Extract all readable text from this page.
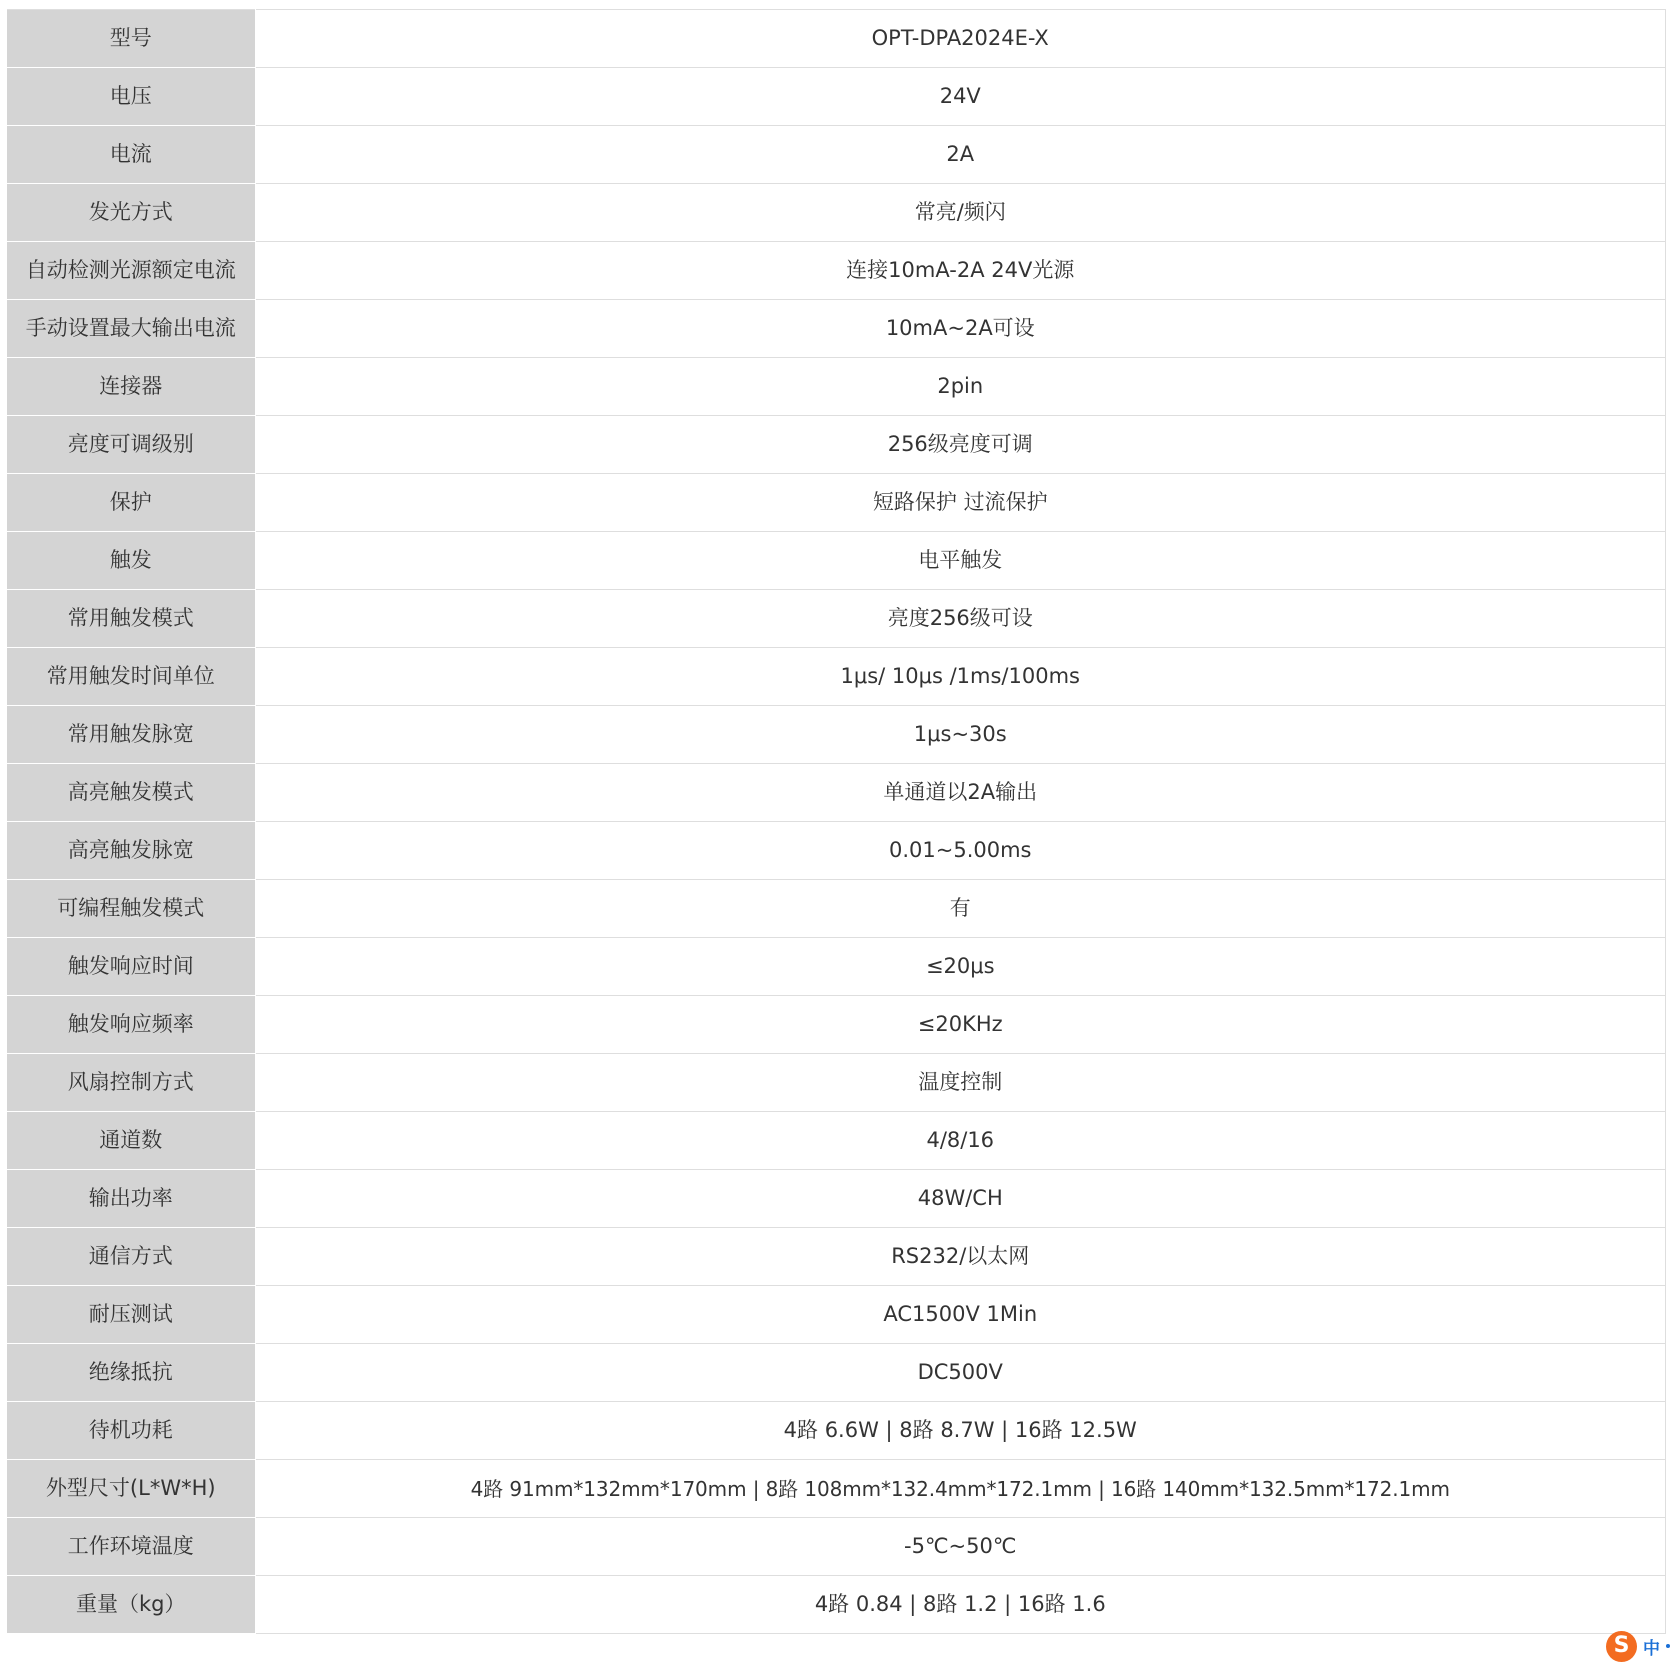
型号	OPT-DPA2024E-X
电压	24V
电流	2A
发光方式	常亮/频闪
自动检测光源额定电流	连接10mA-2A 24V光源
手动设置最大输出电流	10mA~2A可设
连接器	2pin
亮度可调级别	256级亮度可调
保护	短路保护 过流保护
触发	电平触发
常用触发模式	亮度256级可设
常用触发时间单位	1μs/ 10μs /1ms/100ms
常用触发脉宽	1μs~30s
高亮触发模式	单通道以2A输出
高亮触发脉宽	0.01~5.00ms
可编程触发模式	有
触发响应时间	≤20μs
触发响应频率	≤20KHz
风扇控制方式	温度控制
通道数	4/8/16
输出功率	48W/CH
通信方式	RS232/以太网
耐压测试	AC1500V 1Min
绝缘抵抗	DC500V
待机功耗	4路 6.6W | 8路 8.7W | 16路 12.5W
外型尺寸(L*W*H)	4路 91mm*132mm*170mm | 8路 108mm*132.4mm*172.1mm | 16路 140mm*132.5mm*172.1mm
工作环境温度	-5℃~50℃
重量（kg）	4路 0.84 | 8路 1.2 | 16路 1.6
S 中
